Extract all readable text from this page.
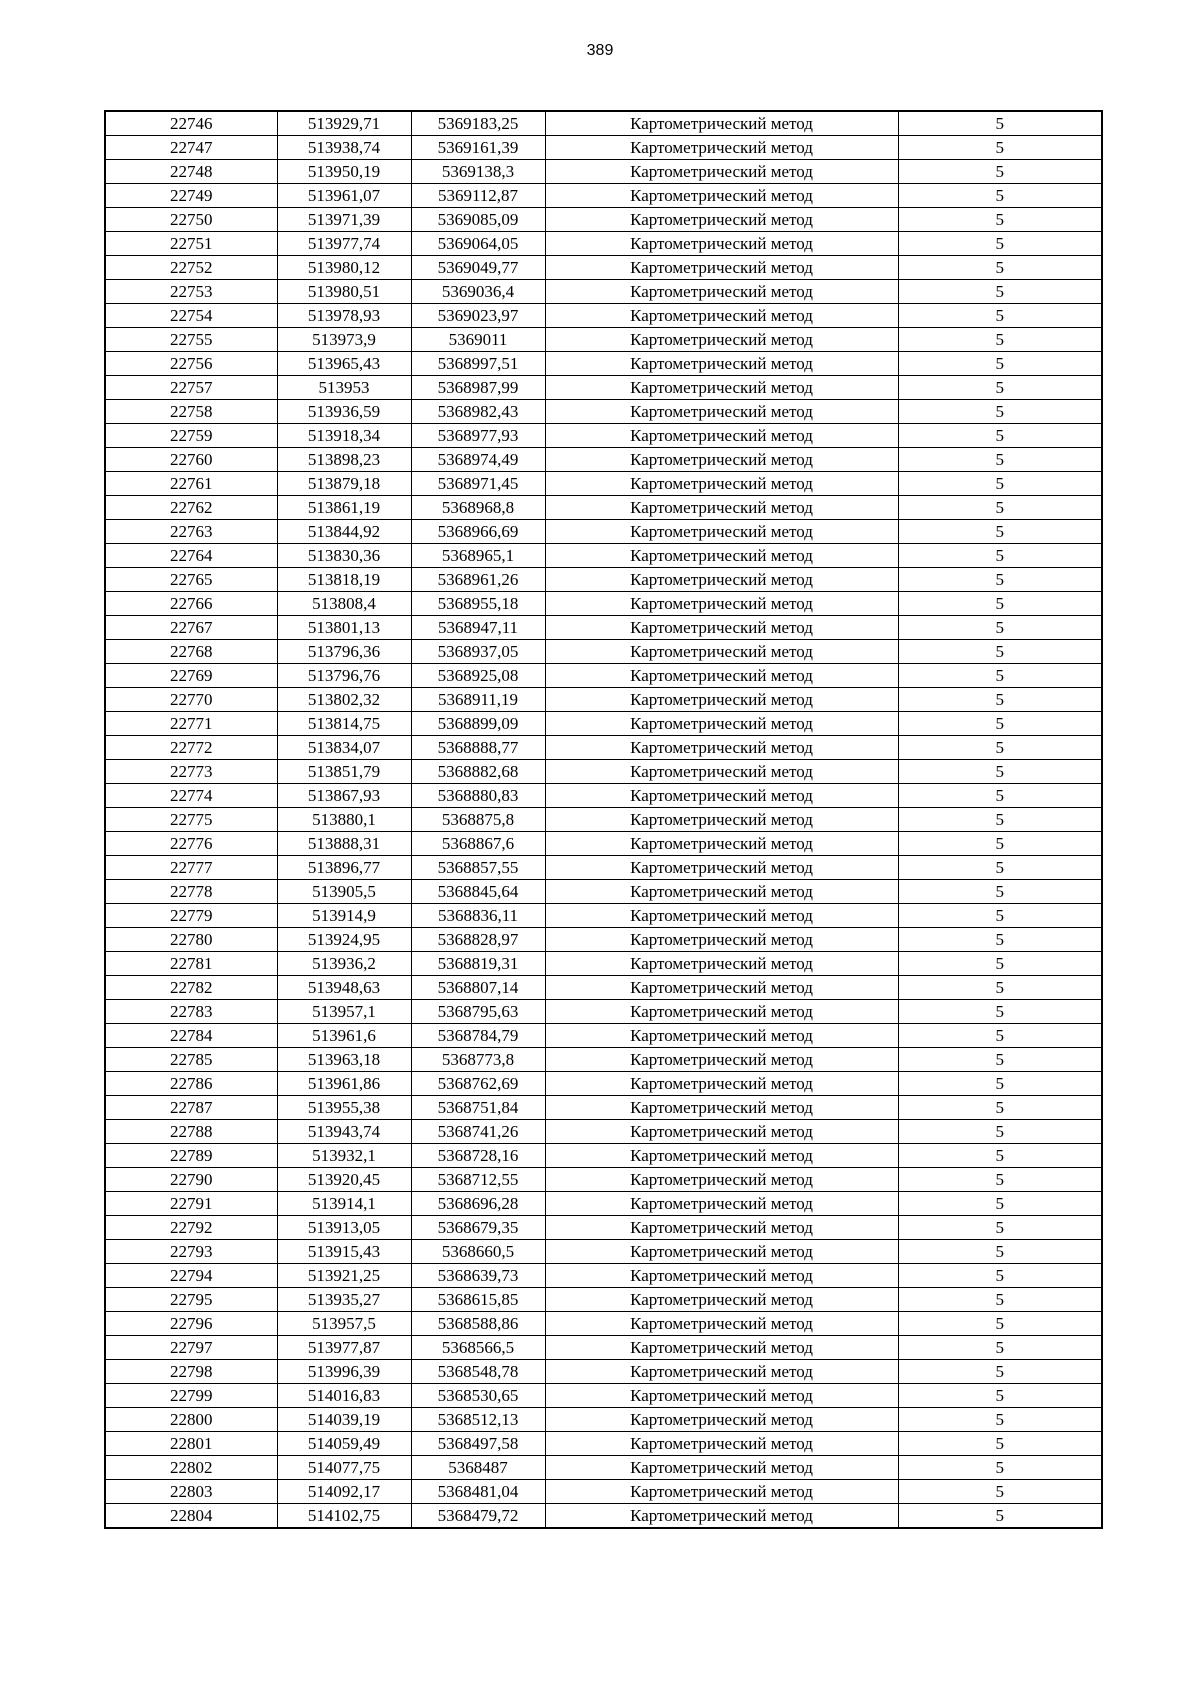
389
22746	513929,71	5369183,25	Картометрический метод	5
22747	513938,74	5369161,39	Картометрический метод	5
22748	513950,19	5369138,3	Картометрический метод	5
22749	513961,07	5369112,87	Картометрический метод	5
22750	513971,39	5369085,09	Картометрический метод	5
22751	513977,74	5369064,05	Картометрический метод	5
22752	513980,12	5369049,77	Картометрический метод	5
22753	513980,51	5369036,4	Картометрический метод	5
22754	513978,93	5369023,97	Картометрический метод	5
22755	513973,9	5369011	Картометрический метод	5
22756	513965,43	5368997,51	Картометрический метод	5
22757	513953	5368987,99	Картометрический метод	5
22758	513936,59	5368982,43	Картометрический метод	5
22759	513918,34	5368977,93	Картометрический метод	5
22760	513898,23	5368974,49	Картометрический метод	5
22761	513879,18	5368971,45	Картометрический метод	5
22762	513861,19	5368968,8	Картометрический метод	5
22763	513844,92	5368966,69	Картометрический метод	5
22764	513830,36	5368965,1	Картометрический метод	5
22765	513818,19	5368961,26	Картометрический метод	5
22766	513808,4	5368955,18	Картометрический метод	5
22767	513801,13	5368947,11	Картометрический метод	5
22768	513796,36	5368937,05	Картометрический метод	5
22769	513796,76	5368925,08	Картометрический метод	5
22770	513802,32	5368911,19	Картометрический метод	5
22771	513814,75	5368899,09	Картометрический метод	5
22772	513834,07	5368888,77	Картометрический метод	5
22773	513851,79	5368882,68	Картометрический метод	5
22774	513867,93	5368880,83	Картометрический метод	5
22775	513880,1	5368875,8	Картометрический метод	5
22776	513888,31	5368867,6	Картометрический метод	5
22777	513896,77	5368857,55	Картометрический метод	5
22778	513905,5	5368845,64	Картометрический метод	5
22779	513914,9	5368836,11	Картометрический метод	5
22780	513924,95	5368828,97	Картометрический метод	5
22781	513936,2	5368819,31	Картометрический метод	5
22782	513948,63	5368807,14	Картометрический метод	5
22783	513957,1	5368795,63	Картометрический метод	5
22784	513961,6	5368784,79	Картометрический метод	5
22785	513963,18	5368773,8	Картометрический метод	5
22786	513961,86	5368762,69	Картометрический метод	5
22787	513955,38	5368751,84	Картометрический метод	5
22788	513943,74	5368741,26	Картометрический метод	5
22789	513932,1	5368728,16	Картометрический метод	5
22790	513920,45	5368712,55	Картометрический метод	5
22791	513914,1	5368696,28	Картометрический метод	5
22792	513913,05	5368679,35	Картометрический метод	5
22793	513915,43	5368660,5	Картометрический метод	5
22794	513921,25	5368639,73	Картометрический метод	5
22795	513935,27	5368615,85	Картометрический метод	5
22796	513957,5	5368588,86	Картометрический метод	5
22797	513977,87	5368566,5	Картометрический метод	5
22798	513996,39	5368548,78	Картометрический метод	5
22799	514016,83	5368530,65	Картометрический метод	5
22800	514039,19	5368512,13	Картометрический метод	5
22801	514059,49	5368497,58	Картометрический метод	5
22802	514077,75	5368487	Картометрический метод	5
22803	514092,17	5368481,04	Картометрический метод	5
22804	514102,75	5368479,72	Картометрический метод	5
